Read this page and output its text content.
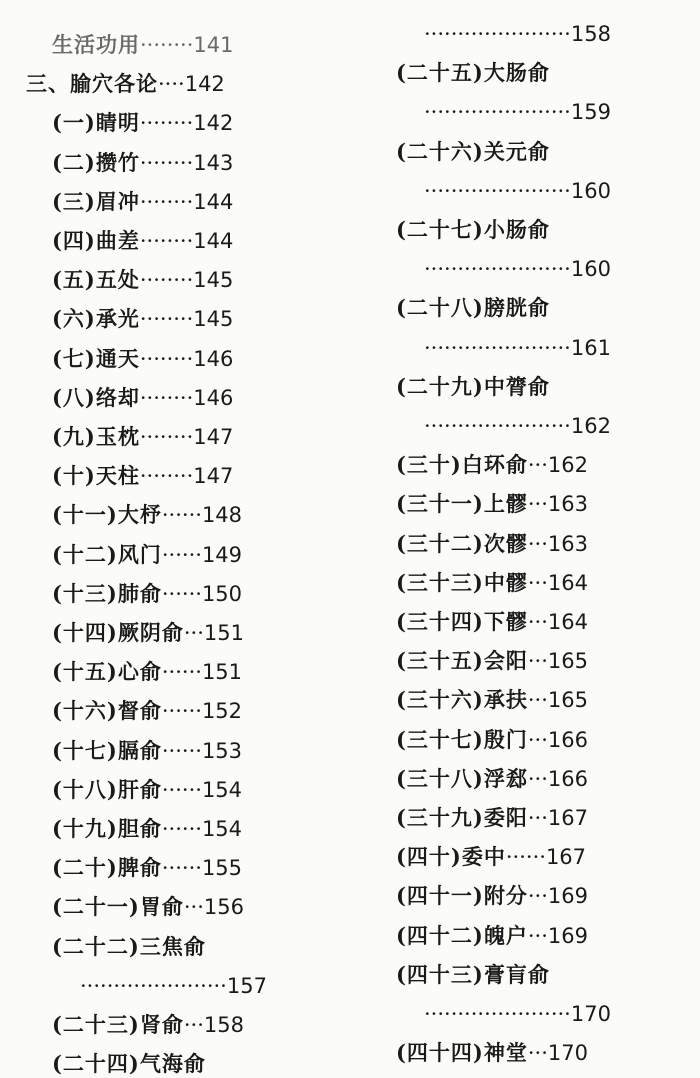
生活功用········141
三、腧穴各论····142
(一)睛明········142
(二)攒竹········143
(三)眉冲········144
(四)曲差········144
(五)五处········145
(六)承光········145
(七)通天········146
(八)络却········146
(九)玉枕········147
(十)天柱········147
(十一)大杼······148
(十二)风门······149
(十三)肺俞······150
(十四)厥阴俞···151
(十五)心俞······151
(十六)督俞······152
(十七)膈俞······153
(十八)肝俞······154
(十九)胆俞······154
(二十)脾俞······155
(二十一)胃俞···156
(二十二)三焦俞
······················157
(二十三)肾俞···158
(二十四)气海俞
······················158
(二十五)大肠俞
······················159
(二十六)关元俞
······················160
(二十七)小肠俞
······················160
(二十八)膀胱俞
······················161
(二十九)中膂俞
······················162
(三十)白环俞···162
(三十一)上髎···163
(三十二)次髎···163
(三十三)中髎···164
(三十四)下髎···164
(三十五)会阳···165
(三十六)承扶···165
(三十七)殷门···166
(三十八)浮郄···166
(三十九)委阳···167
(四十)委中······167
(四十一)附分···169
(四十二)魄户···169
(四十三)膏肓俞
······················170
(四十四)神堂···170
